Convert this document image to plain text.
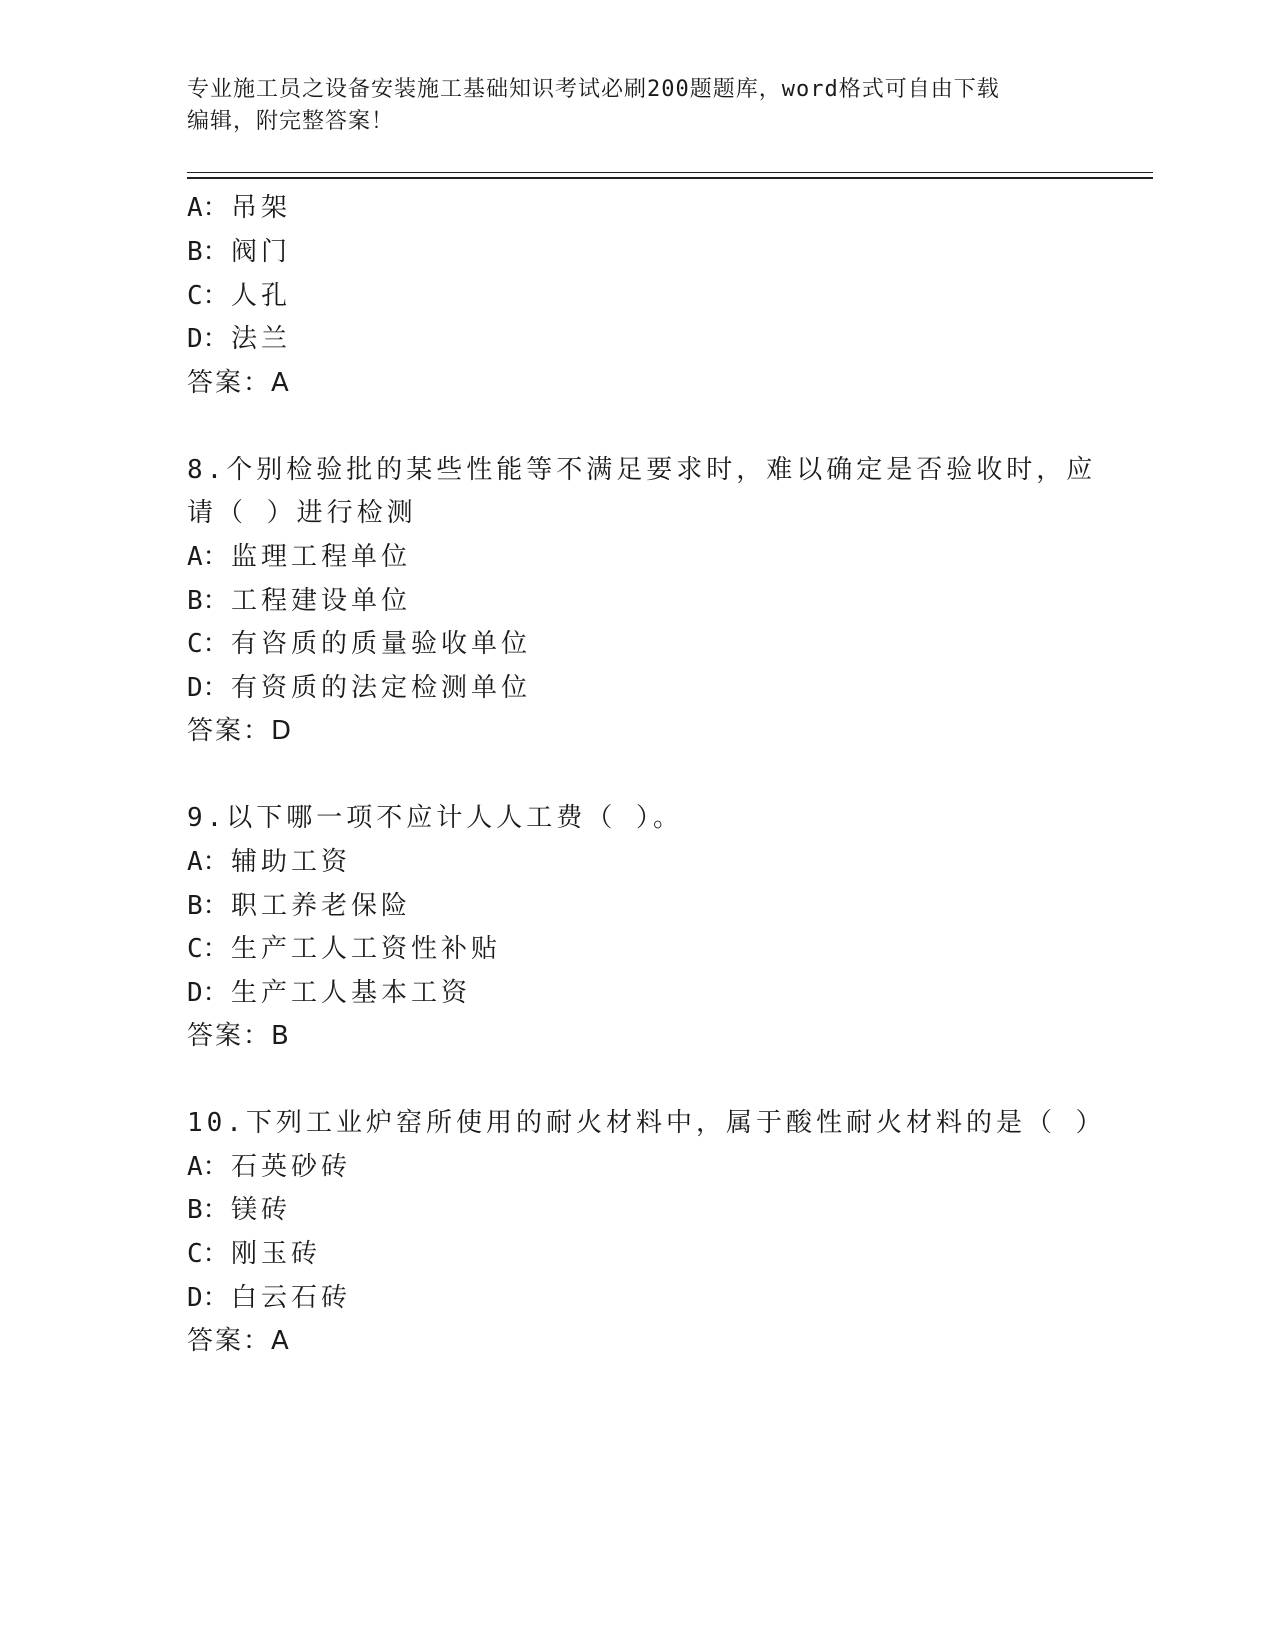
专业施工员之设备安装施工基础知识考试必刷200题题库，word格式可自由下载
编辑，附完整答案！
A：吊架
B：阀门
C：人孔
D：法兰
答案：A
8.个别检验批的某些性能等不满足要求时，难以确定是否验收时，应
请（ ）进行检测
A：监理工程单位
B：工程建设单位
C：有咨质的质量验收单位
D：有资质的法定检测单位
答案：D
9.以下哪一项不应计人人工费（ ）。
A：辅助工资
B：职工养老保险
C：生产工人工资性补贴
D：生产工人基本工资
答案：B
10.下列工业炉窑所使用的耐火材料中，属于酸性耐火材料的是（ ）
A：石英砂砖
B：镁砖
C：刚玉砖
D：白云石砖
答案：A
